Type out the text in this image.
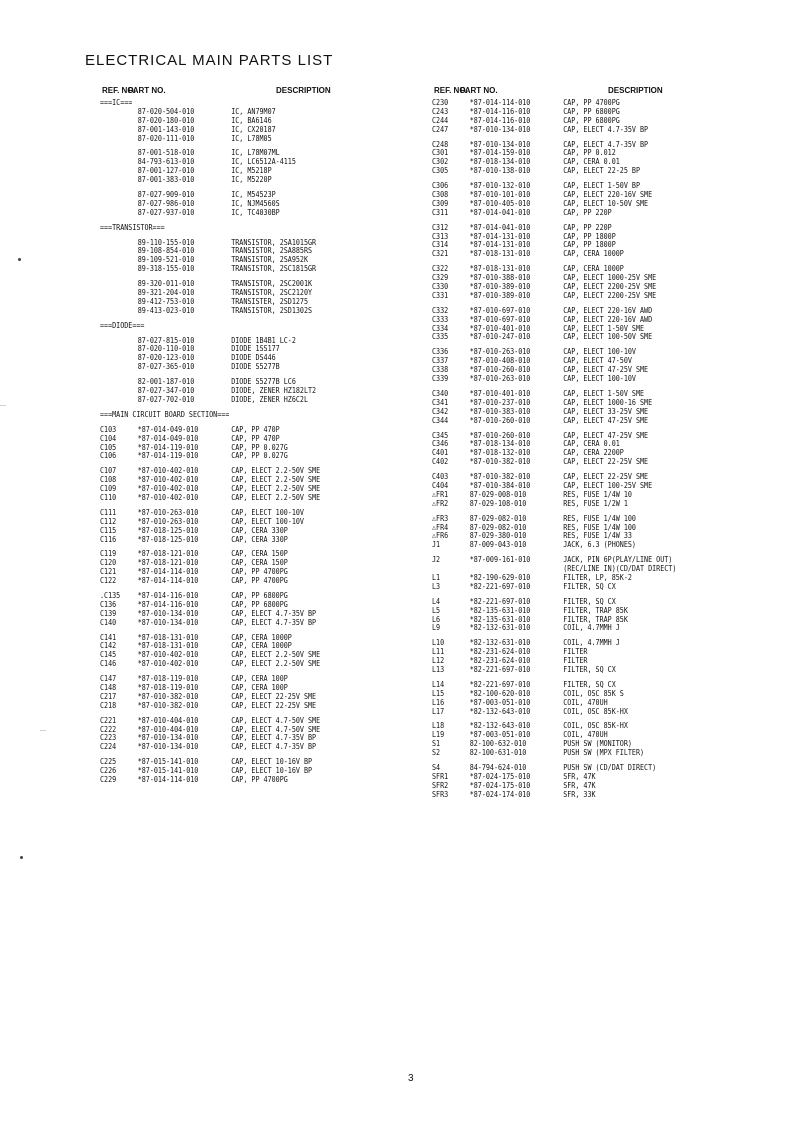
ELECTRICAL MAIN PARTS LIST
REF. NO.
PART NO.	DESCRIPTION
===IC===
87-020-504-010	IC, AN79M07
87-020-180-010	IC, BA6146
87-001-143-010	IC, CX20187
87-020-111-010	IC, L78M05
87-001-518-010	IC, L78M07ML
84-793-613-010	IC, LC6512A-4115
87-001-127-010	IC, M5218P
87-001-383-010	IC, M5220P
87-027-909-010	IC, M54523P
87-027-986-010	IC, NJM4560S
87-027-937-010	IC, TC4030BP
===TRANSISTOR===
89-110-155-010	TRANSISTOR, 2SA1015GR
89-108-854-010	TRANSISTOR, 2SA885RS
89-109-521-010	TRANSISTOR, 2SA952K
89-318-155-010	TRANSISTOR, 2SC1815GR
89-320-011-010	TRANSISTOR, 2SC2001K
89-321-204-010	TRANSISTOR, 2SC2120Y
89-412-753-010	TRANSISTER, 2SD1275
89-413-023-010	TRANSISTOR, 2SD1302S
===DIODE===
87-027-815-010	DIODE 1B4B1 LC-2
87-020-110-010	DIODE 1SS177
87-020-123-010	DIODE DS446
87-027-365-010	DIODE S5277B
82-001-187-010	DIODE S5277B LC6
87-027-347-010	DIODE, ZENER HZ182LT2
87-027-702-010	DIODE, ZENER HZ6C2L
===MAIN CIRCUIT BOARD SECTION===
C103	*87-014-049-010	CAP, PP 470P
C104	*87-014-049-010	CAP, PP 470P
C105	*87-014-119-010	CAP, PP 0.027G
C106	*87-014-119-010	CAP, PP 0.027G
C107	*87-010-402-010	CAP, ELECT 2.2-50V SME
C108	*87-010-402-010	CAP, ELECT 2.2-50V SME
C109	*87-010-402-010	CAP, ELECT 2.2-50V SME
C110	*87-010-402-010	CAP, ELECT 2.2-50V SME
C111	*87-010-263-010	CAP, ELECT 100-10V
C112	*87-010-263-010	CAP, ELECT 100-10V
C115	*87-018-125-010	CAP, CERA 330P
C116	*87-018-125-010	CAP, CERA 330P
C119	*87-018-121-010	CAP, CERA 150P
C120	*87-018-121-010	CAP, CERA 150P
C121	*87-014-114-010	CAP, PP 4700PG
C122	*87-014-114-010	CAP, PP 4700PG
.C135	*87-014-116-010	CAP, PP 6800PG
C136	*87-014-116-010	CAP, PP 6800PG
C139	*87-010-134-010	CAP, ELECT 4.7-35V BP
C140	*87-010-134-010	CAP, ELECT 4.7-35V BP
C141	*87-018-131-010	CAP, CERA 1000P
C142	*87-018-131-010	CAP, CERA 1000P
C145	*87-010-402-010	CAP, ELECT 2.2-50V SME
C146	*87-010-402-010	CAP, ELECT 2.2-50V SME
C147	*87-018-119-010	CAP, CERA 100P
C148	*87-018-119-010	CAP, CERA 100P
C217	*87-010-382-010	CAP, ELECT 22-25V SME
C218	*87-010-382-010	CAP, ELECT 22-25V SME
C221	*87-010-404-010	CAP, ELECT 4.7-50V SME
C222	*87-010-404-010	CAP, ELECT 4.7-50V SME
C223	*87-010-134-010	CAP, ELECT 4.7-35V BP
C224	*87-010-134-010	CAP, ELECT 4.7-35V BP
C225	*87-015-141-010	CAP, ELECT 10-16V BP
C226	*87-015-141-010	CAP, ELECT 10-16V BP
C229	*87-014-114-010	CAP, PP 4700PG
REF. NO.
PART NO.	DESCRIPTION
C230	*87-014-114-010	CAP, PP 4700PG
C243	*87-014-116-010	CAP, PP 6800PG
C244	*87-014-116-010	CAP, PP 6800PG
C247	*87-010-134-010	CAP, ELECT 4.7-35V BP
C248	*87-010-134-010	CAP, ELECT 4.7-35V BP
C301	*87-014-159-010	CAP, PP 0.012
C302	*87-018-134-010	CAP, CERA 0.01
C305	*87-010-138-010	CAP, ELECT 22-25 BP
C306	*87-010-132-010	CAP, ELECT 1-50V BP
C308	*87-010-101-010	CAP, ELECT 220-16V SME
C309	*87-010-405-010	CAP, ELECT 10-50V SME
C311	*87-014-041-010	CAP, PP 220P
C312	*87-014-041-010	CAP, PP 220P
C313	*87-014-131-010	CAP, PP 1800P
C314	*87-014-131-010	CAP, PP 1800P
C321	*87-018-131-010	CAP, CERA 1000P
C322	*87-018-131-010	CAP, CERA 1000P
C329	*87-010-388-010	CAP, ELECT 1000-25V SME
C330	*87-010-389-010	CAP, ELECT 2200-25V SME
C331	*87-010-389-010	CAP, ELECT 2200-25V SME
C332	*87-010-697-010	CAP, ELECT 220-16V AWD
C333	*87-010-697-010	CAP, ELECT 220-16V AWD
C334	*87-010-401-010	CAP, ELECT 1-50V SME
C335	*87-010-247-010	CAP, ELECT 100-50V SME
C336	*87-010-263-010	CAP, ELECT 100-10V
C337	*87-010-408-010	CAP, ELECT 47-50V
C338	*87-010-260-010	CAP, ELECT 47-25V SME
C339	*87-010-263-010	CAP, ELECT 100-10V
C340	*87-010-401-010	CAP, ELECT 1-50V SME
C341	*87-010-237-010	CAP, ELECT 1000-16 SME
C342	*87-010-383-010	CAP, ELECT 33-25V SME
C344	*87-010-260-010	CAP, ELECT 47-25V SME
C345	*87-010-260-010	CAP, ELECT 47-25V SME
C346	*87-018-134-010	CAP, CERA 0.01
C401	*87-018-132-010	CAP, CERA 2200P
C402	*87-010-382-010	CAP, ELECT 22-25V SME
C403	*87-010-382-010	CAP, ELECT 22-25V SME
C404	*87-010-384-010	CAP, ELECT 100-25V SME
⚠FR1	87-029-008-010	RES, FUSE 1/4W 10
⚠FR2	87-029-108-010	RES, FUSE 1/2W 1
⚠FR3	87-029-082-010	RES, FUSE 1/4W 100
⚠FR4	87-029-082-010	RES, FUSE 1/4W 100
⚠FR6	87-029-380-010	RES, FUSE 1/4W 33
J1	87-009-043-010	JACK, 6.3 (PHONES)
J2	*87-009-161-010	JACK, PIN 6P(PLAY/LINE OUT)
(REC/LINE IN)(CD/DAT DIRECT)
L1	*82-190-629-010	FILTER, LP, 85K-2
L3	*82-221-697-010	FILTER, SQ CX
L4	*82-221-697-010	FILTER, SQ CX
L5	*82-135-631-010	FILTER, TRAP 85K
L6	*82-135-631-010	FILTER, TRAP 85K
L9	*82-132-631-010	COIL, 4.7MMH J
L10	*82-132-631-010	COIL, 4.7MMH J
L11	*82-231-624-010	FILTER
L12	*82-231-624-010	FILTER
L13	*82-221-697-010	FILTER, SQ CX
L14	*82-221-697-010	FILTER, SQ CX
L15	*82-100-620-010	COIL, OSC 85K S
L16	*87-003-051-010	COIL, 470UH
L17	*82-132-643-010	COIL, OSC 85K-HX
L18	*82-132-643-010	COIL, OSC 85K-HX
L19	*87-003-051-010	COIL, 470UH
S1	82-100-632-010	PUSH SW (MONITOR)
S2	82-100-631-010	PUSH SW (MPX FILTER)
S4	84-794-624-010	PUSH SW (CD/DAT DIRECT)
SFR1	*87-024-175-010	SFR, 47K
SFR2	*87-024-175-010	SFR, 47K
SFR3	*87-024-174-010	SFR, 33K
3
